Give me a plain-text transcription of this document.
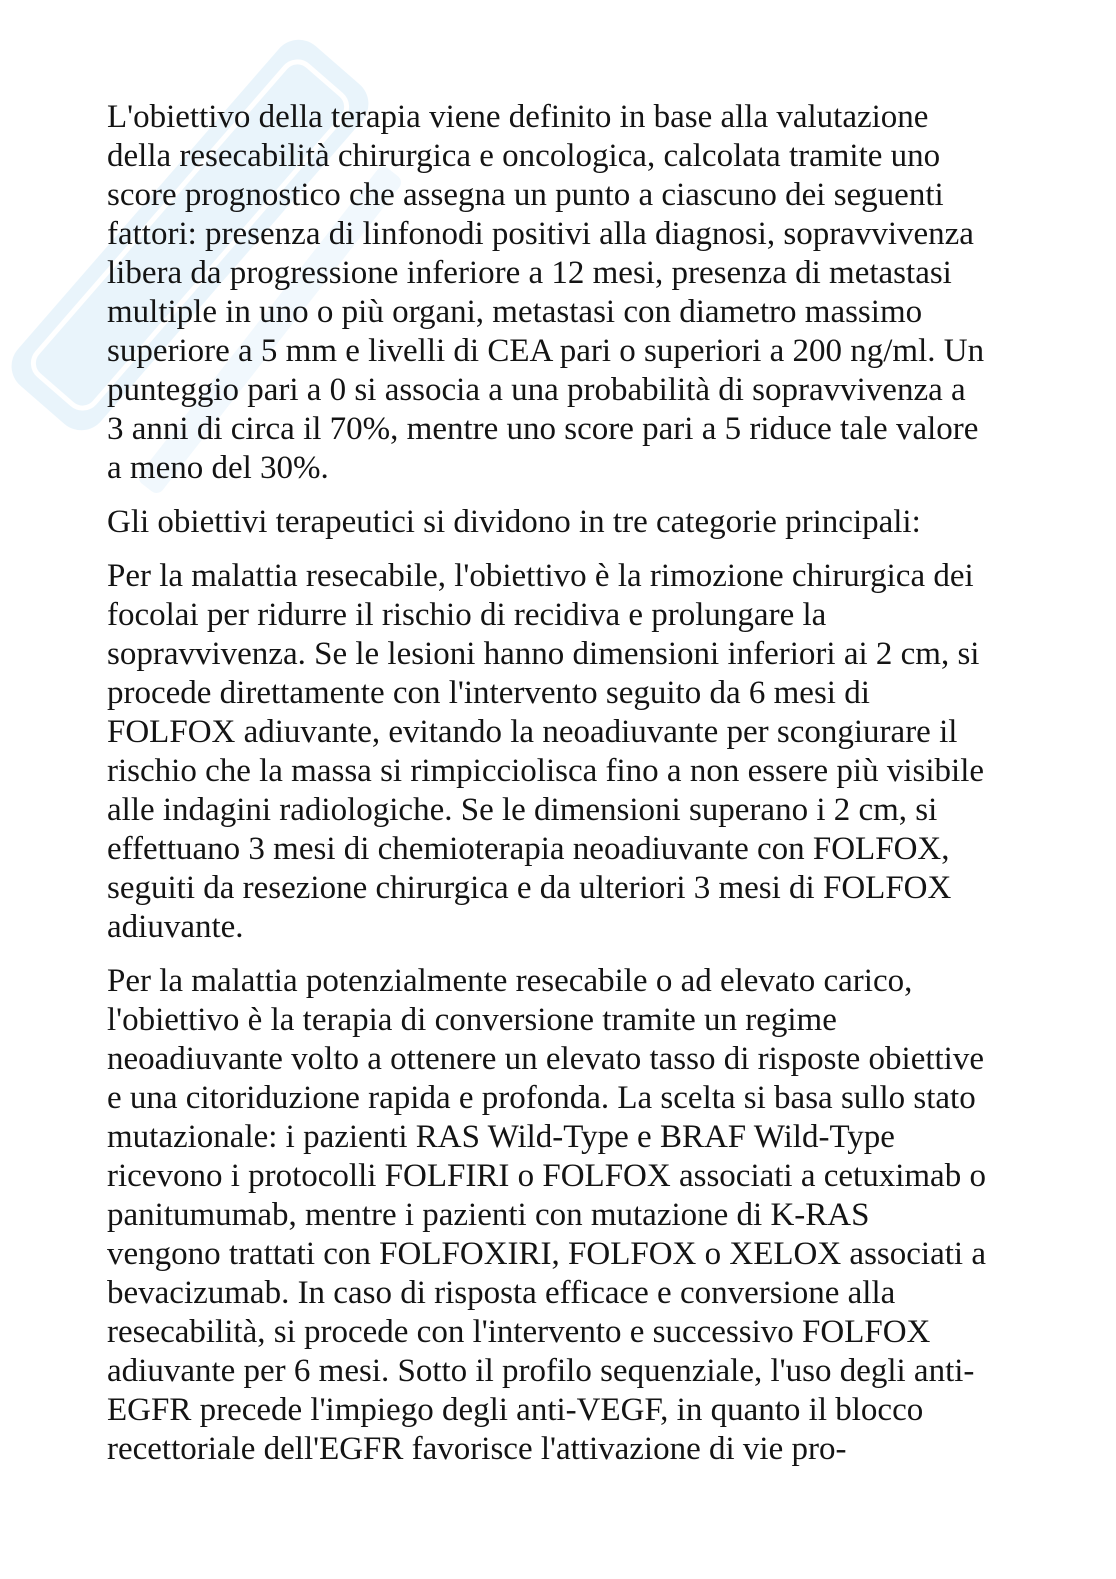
L'obiettivo della terapia viene definito in base alla valutazione
della resecabilità chirurgica e oncologica, calcolata tramite uno
score prognostico che assegna un punto a ciascuno dei seguenti
fattori: presenza di linfonodi positivi alla diagnosi, sopravvivenza
libera da progressione inferiore a 12 mesi, presenza di metastasi
multiple in uno o più organi, metastasi con diametro massimo
superiore a 5 mm e livelli di CEA pari o superiori a 200 ng/ml. Un
punteggio pari a 0 si associa a una probabilità di sopravvivenza a
3 anni di circa il 70%, mentre uno score pari a 5 riduce tale valore
a meno del 30%.
Gli obiettivi terapeutici si dividono in tre categorie principali:
Per la malattia resecabile, l'obiettivo è la rimozione chirurgica dei
focolai per ridurre il rischio di recidiva e prolungare la
sopravvivenza. Se le lesioni hanno dimensioni inferiori ai 2 cm, si
procede direttamente con l'intervento seguito da 6 mesi di
FOLFOX adiuvante, evitando la neoadiuvante per scongiurare il
rischio che la massa si rimpicciolisca fino a non essere più visibile
alle indagini radiologiche. Se le dimensioni superano i 2 cm, si
effettuano 3 mesi di chemioterapia neoadiuvante con FOLFOX,
seguiti da resezione chirurgica e da ulteriori 3 mesi di FOLFOX
adiuvante.
Per la malattia potenzialmente resecabile o ad elevato carico,
l'obiettivo è la terapia di conversione tramite un regime
neoadiuvante volto a ottenere un elevato tasso di risposte obiettive
e una citoriduzione rapida e profonda. La scelta si basa sullo stato
mutazionale: i pazienti RAS Wild-Type e BRAF Wild-Type
ricevono i protocolli FOLFIRI o FOLFOX associati a cetuximab o
panitumumab, mentre i pazienti con mutazione di K-RAS
vengono trattati con FOLFOXIRI, FOLFOX o XELOX associati a
bevacizumab. In caso di risposta efficace e conversione alla
resecabilità, si procede con l'intervento e successivo FOLFOX
adiuvante per 6 mesi. Sotto il profilo sequenziale, l'uso degli anti-
EGFR precede l'impiego degli anti-VEGF, in quanto il blocco
recettoriale dell'EGFR favorisce l'attivazione di vie pro-
